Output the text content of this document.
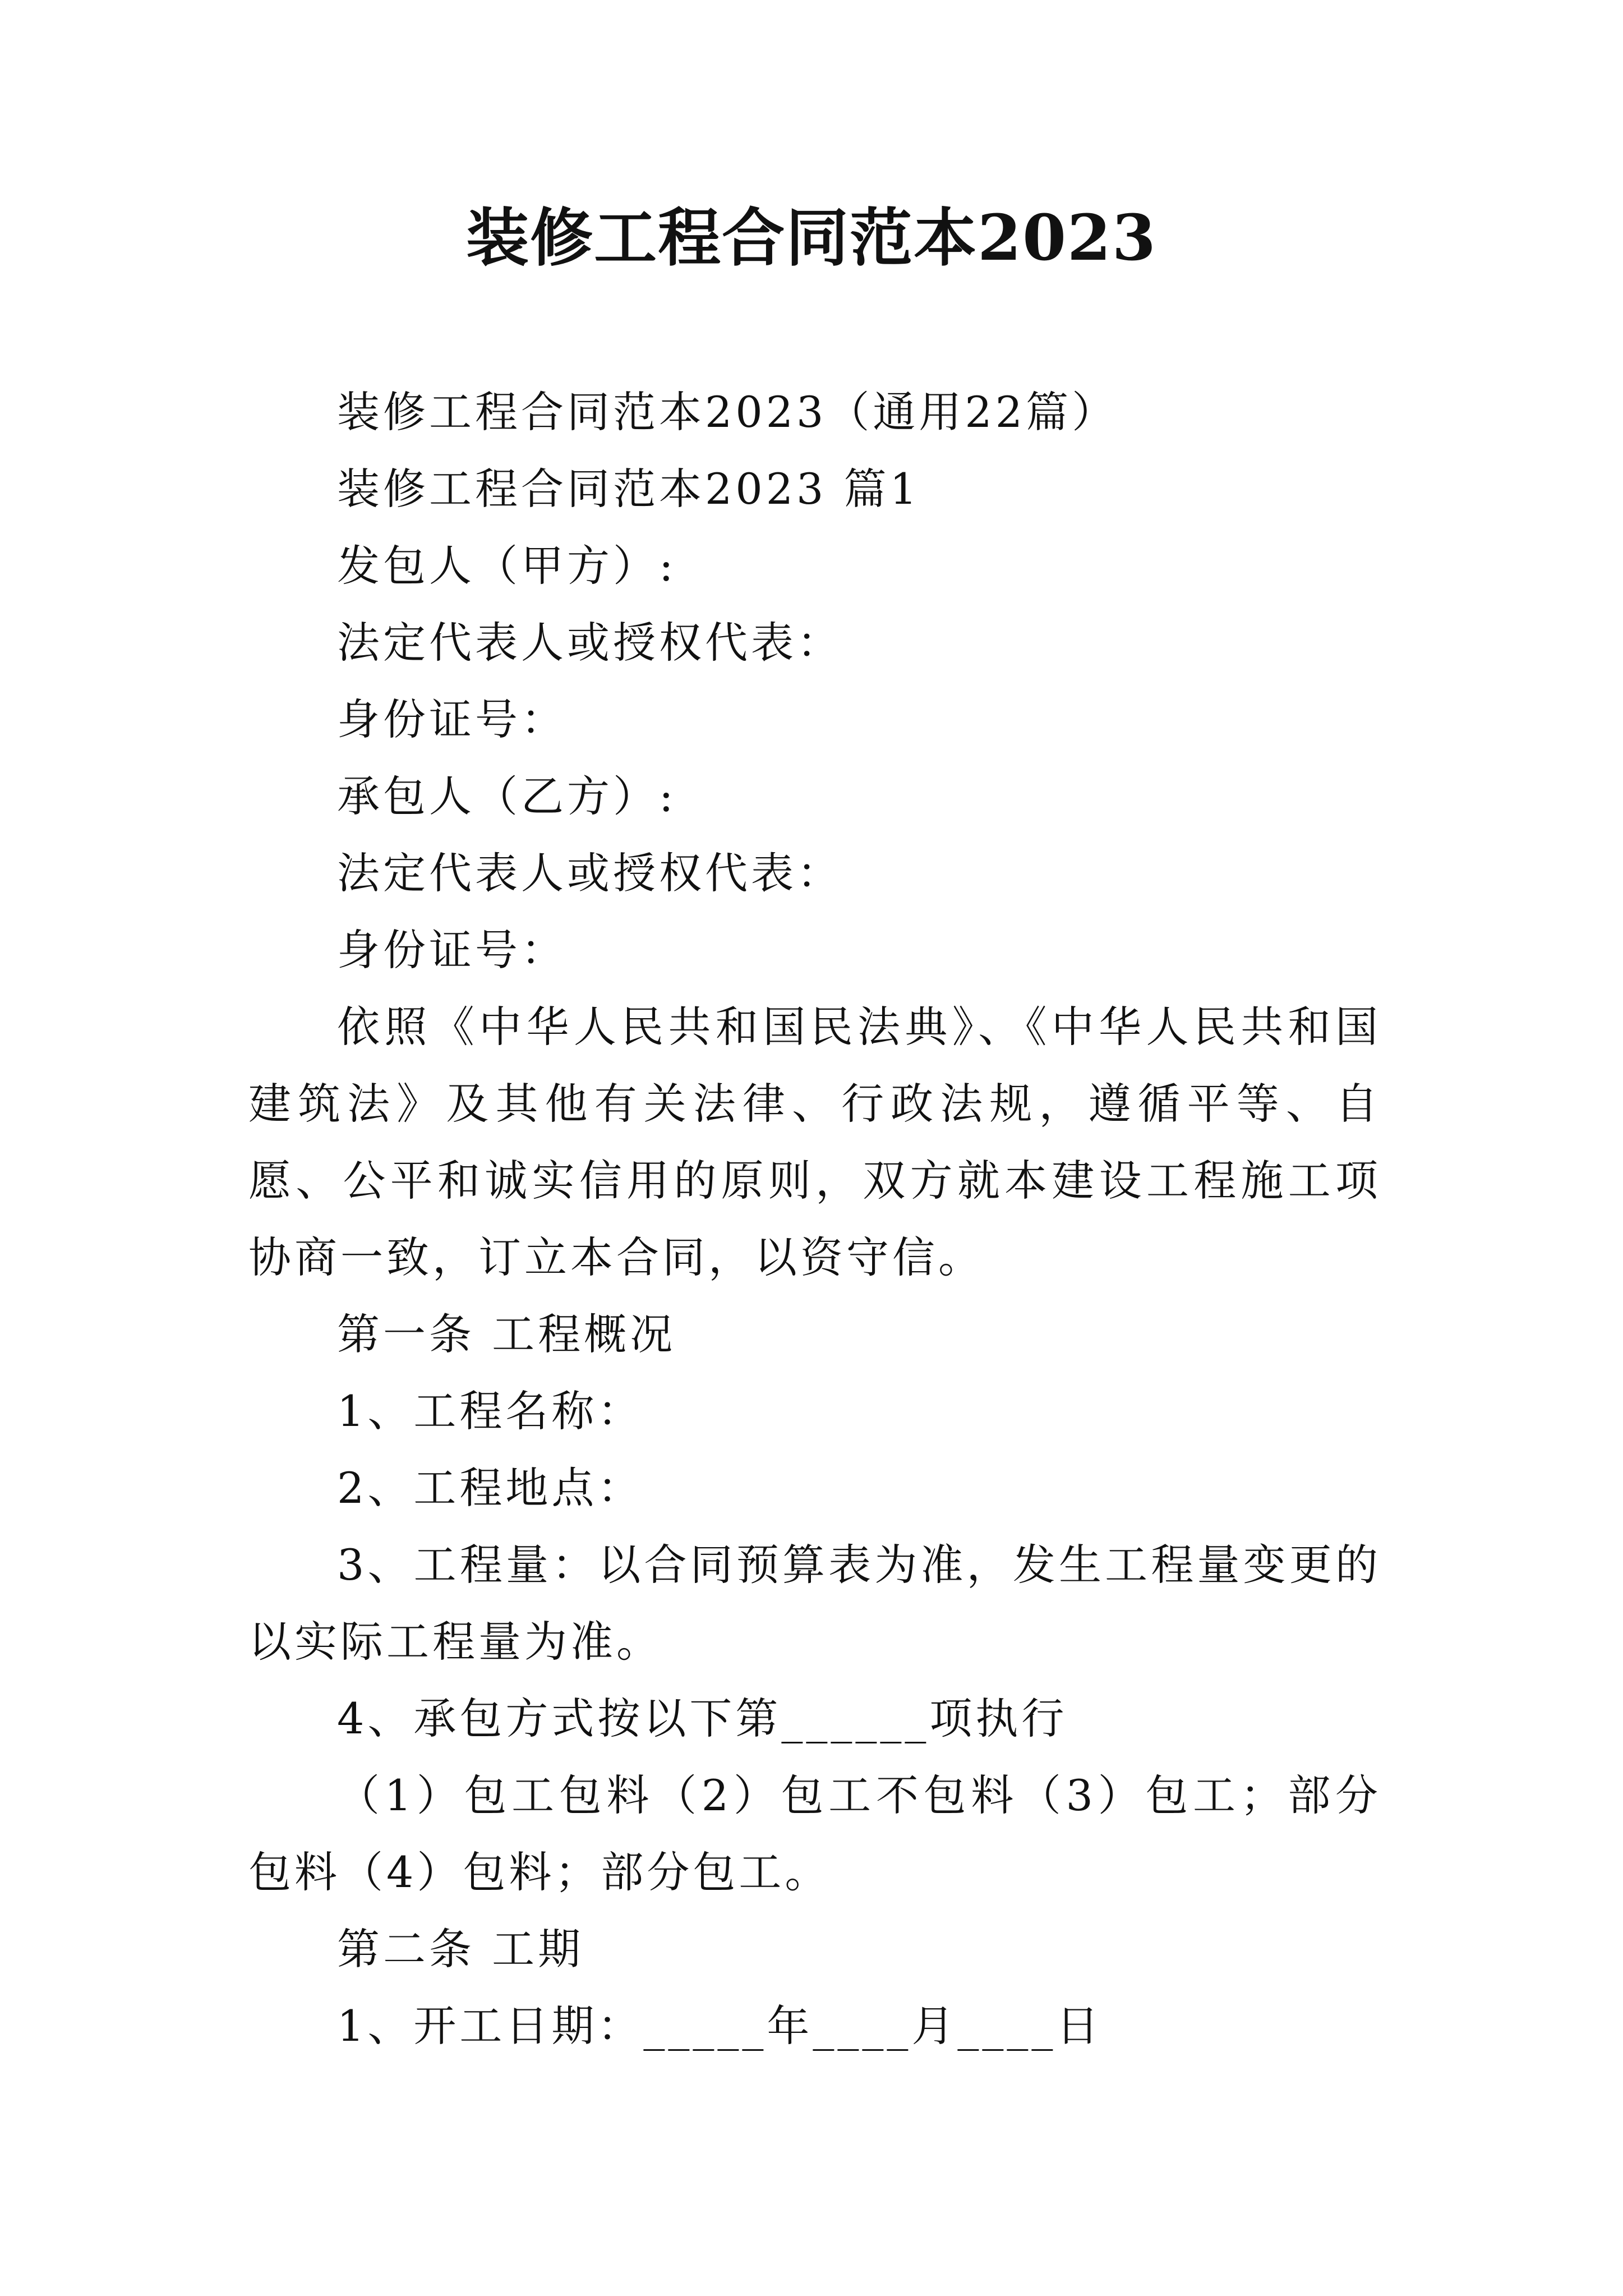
装修工程合同范本2023

装修工程合同范本2023（通用22篇）

装修工程合同范本2023 篇1

发包人（甲方）:

法定代表人或授权代表：

身份证号：

承包人（乙方）:

法定代表人或授权代表：

身份证号：

依照《中华人民共和国民法典》、《中华人民共和国建筑法》及其他有关法律、行政法规，遵循平等、自愿、公平和诚实信用的原则，双方就本建设工程施工项协商一致，订立本合同，以资守信。

第一条 工程概况

1、工程名称：

2、工程地点：

3、工程量：以合同预算表为准，发生工程量变更的以实际工程量为准。

4、承包方式按以下第______项执行

（1）包工包料（2）包工不包料（3）包工；部分包料（4）包料；部分包工。

第二条 工期

1、开工日期：_____年____月____日
